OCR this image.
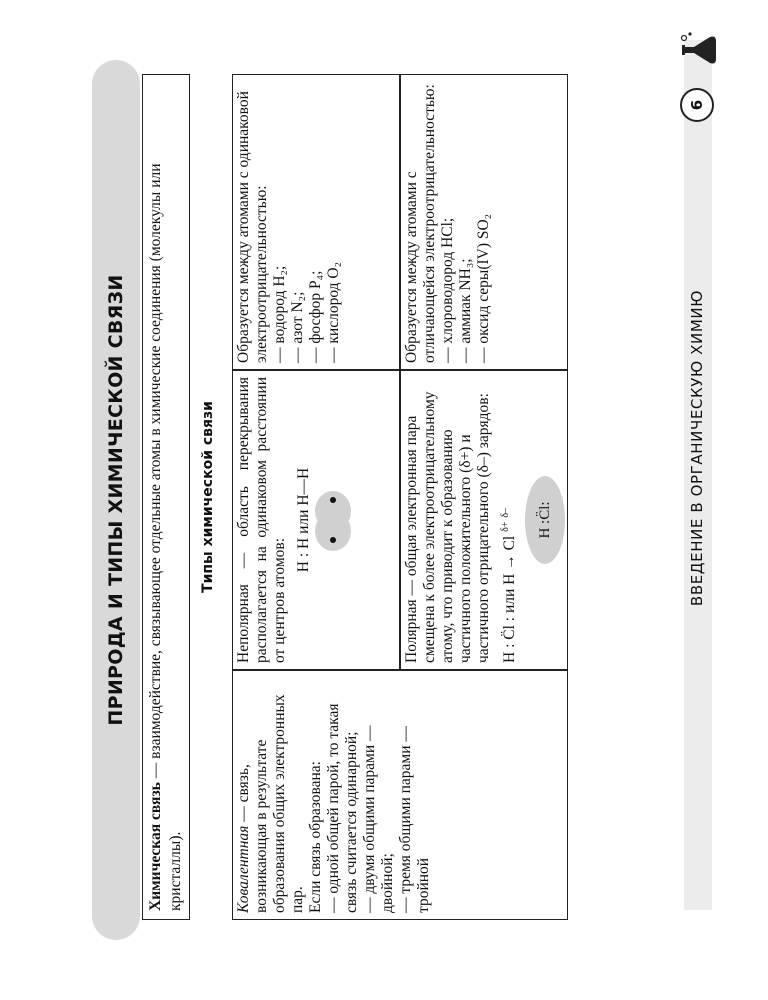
ПРИРОДА И ТИПЫ ХИМИЧЕСКОЙ СВЯЗИ
Химическая связь — взаимодействие, связывающее отдельные атомы в химические соединения (молекулы или кристаллы).
Типы химической связи

Ковалентная — связь, возникающая в результате образования общих электронных пар. Если связь образована: — одной общей парой, то такая связь считается одинарной; — двумя общими парами — двойной; — тремя общими парами — тройной

Неполярная — область перекрывания располагается на одинаковом расстоянии от центров атомов:

H : H или H—H

Образуется между атомами с одинаковой электроотрицательностью: — водород H₂; — азот N₂; — фосфор P₄; — кислород O₂

Полярная — общая электронная пара смещена к более электроотрицательному атому, что приводит к образованию частичного положительного (δ+) и частичного отрицательного (δ–) зарядов: H : C̈l : или H → Cl $^{\delta+}$ $^{\delta-}$	H :C̈l:

Образуется между атомами с отличающейся электроотрицательностью: — хлороводород HCl; — аммиак NH₃; — оксид серы(IV) SO₂

ВВЕДЕНИЕ В ОРГАНИЧЕСКУЮ ХИМИЮ
6
